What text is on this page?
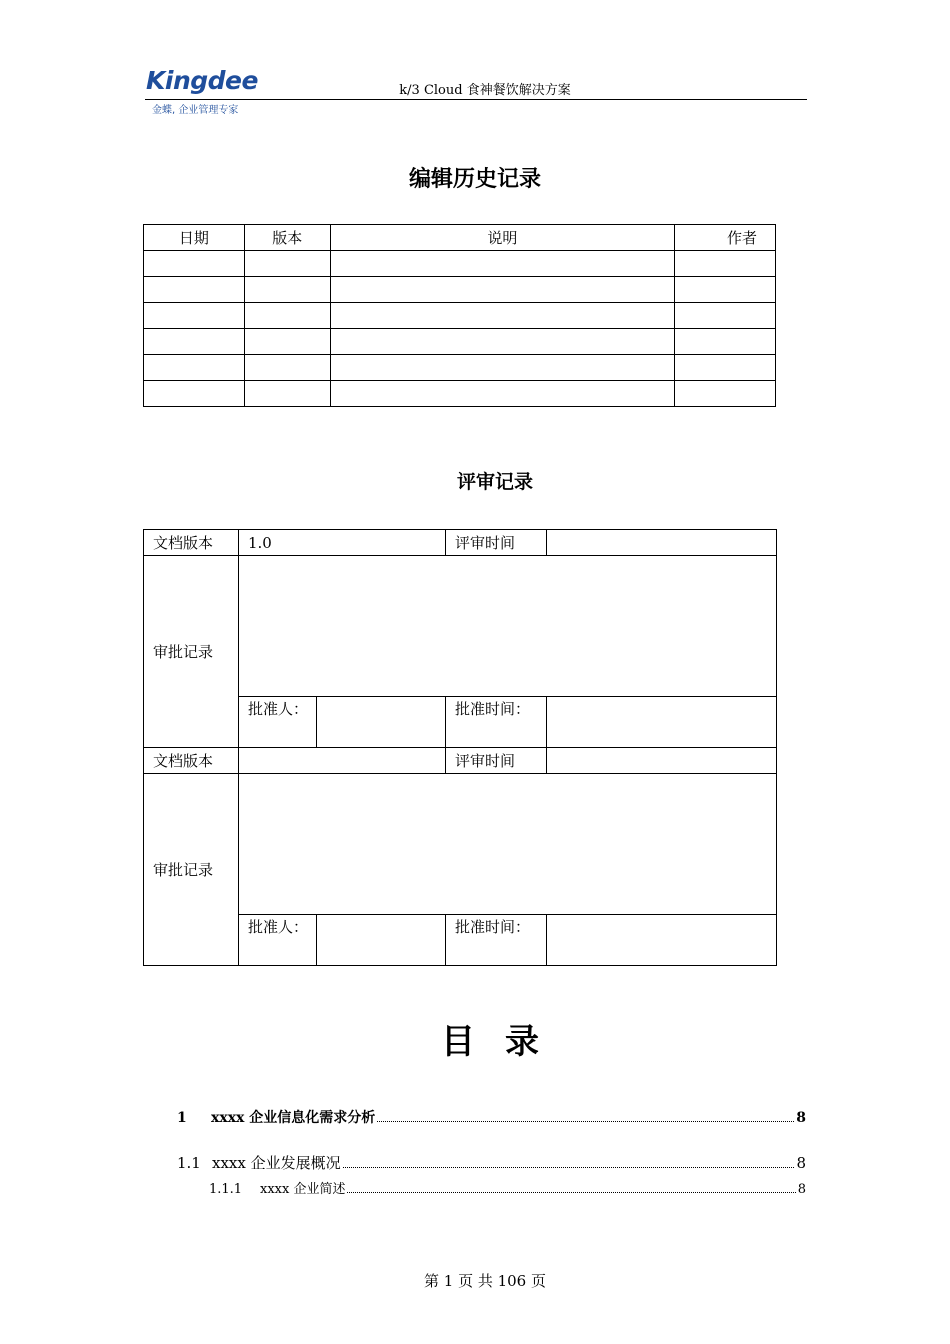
Kingdee
金蝶, 企业管理专家
k/3 Cloud 食神餐饮解决方案
编辑历史记录
日期	版本	说明	作者

评审记录
文档版本	1.0		评审时间	
审批记录				
	批准人：		批准时间：	
文档版本			评审时间	
审批记录				
	批准人：		批准时间：	
目录
1	xxxx 企业信息化需求分析	8
1.1 xxxx 企业发展概况	8
1.1.1	xxxx 企业简述	8
第 1 页 共 106 页
